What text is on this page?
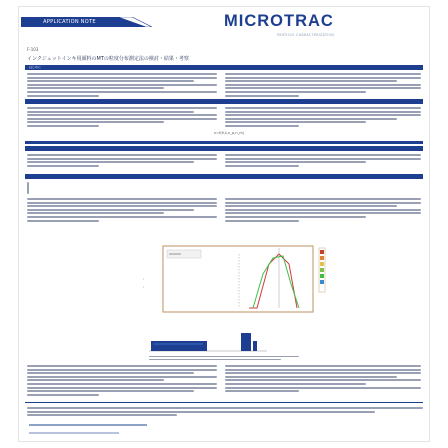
APPLICATION NOTE	MICROTRAC
PARTICLE CHARACTERIZATION
F-103
インクジェットインキ用顔料のMTの粒度分布測定法の検討・結果・考察
はじめに
n=f(θ,λ,n_p,n_m)
:
:
